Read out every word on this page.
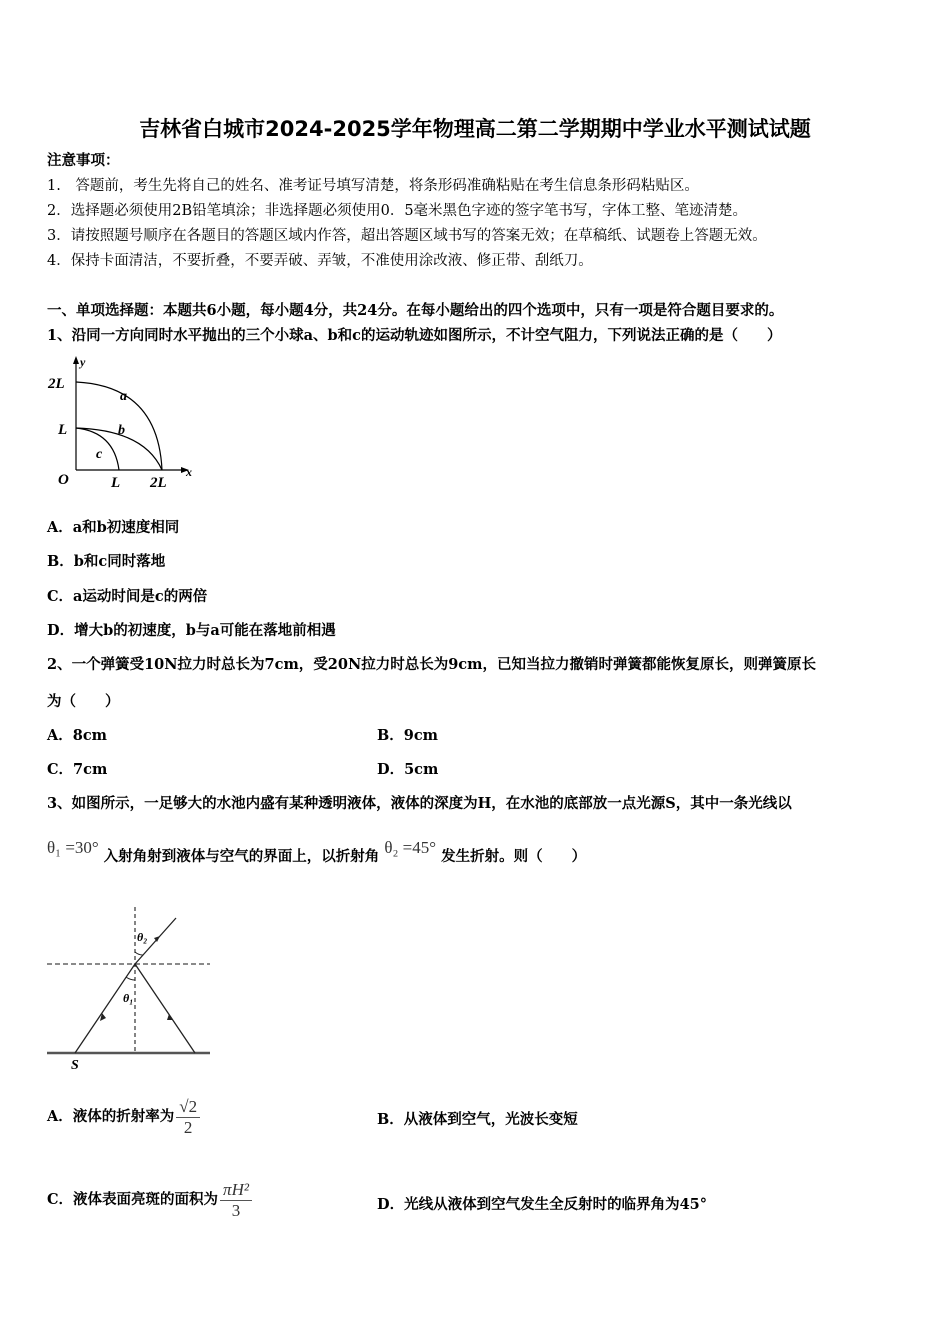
吉林省白城市2024-2025学年物理高二第二学期期中学业水平测试试题
注意事项：
1.　答题前，考生先将自己的姓名、准考证号填写清楚，将条形码准确粘贴在考生信息条形码粘贴区。
2．选择题必须使用2B铅笔填涂；非选择题必须使用0．5毫米黑色字迹的签字笔书写，字体工整、笔迹清楚。
3．请按照题号顺序在各题目的答题区域内作答，超出答题区域书写的答案无效；在草稿纸、试题卷上答题无效。
4．保持卡面清洁，不要折叠，不要弄破、弄皱，不准使用涂改液、修正带、刮纸刀。
一、单项选择题：本题共6小题，每小题4分，共24分。在每小题给出的四个选项中，只有一项是符合题目要求的。
1、沿同一方向同时水平抛出的三个小球a、b和c的运动轨迹如图所示，不计空气阻力，下列说法正确的是（　　）
y
x
2L
L
O	L 2L
a
b
c
A．a和b初速度相同
B．b和c同时落地
C．a运动时间是c的两倍
D．增大b的初速度，b与a可能在落地前相遇
2、一个弹簧受10N拉力时总长为7cm，受20N拉力时总长为9cm，已知当拉力撤销时弹簧都能恢复原长，则弹簧原长
为（　　）
A．8cm	B．9cm
C．7cm	D．5cm
3、如图所示，一足够大的水池内盛有某种透明液体，液体的深度为H，在水池的底部放一点光源S，其中一条光线以
θ₁ =30° 入射角射到液体与空气的界面上，以折射角 θ₂ =45° 发生折射。则（　　）
θ₁
θ₂
S
A．液体的折射率为 $\frac{√2}{2}$	B．从液体到空气，光波长变短
C．液体表面亮斑的面积为 $\frac{\text{πH²}}{3}$	D．光线从液体到空气发生全反射时的临界角为45°
